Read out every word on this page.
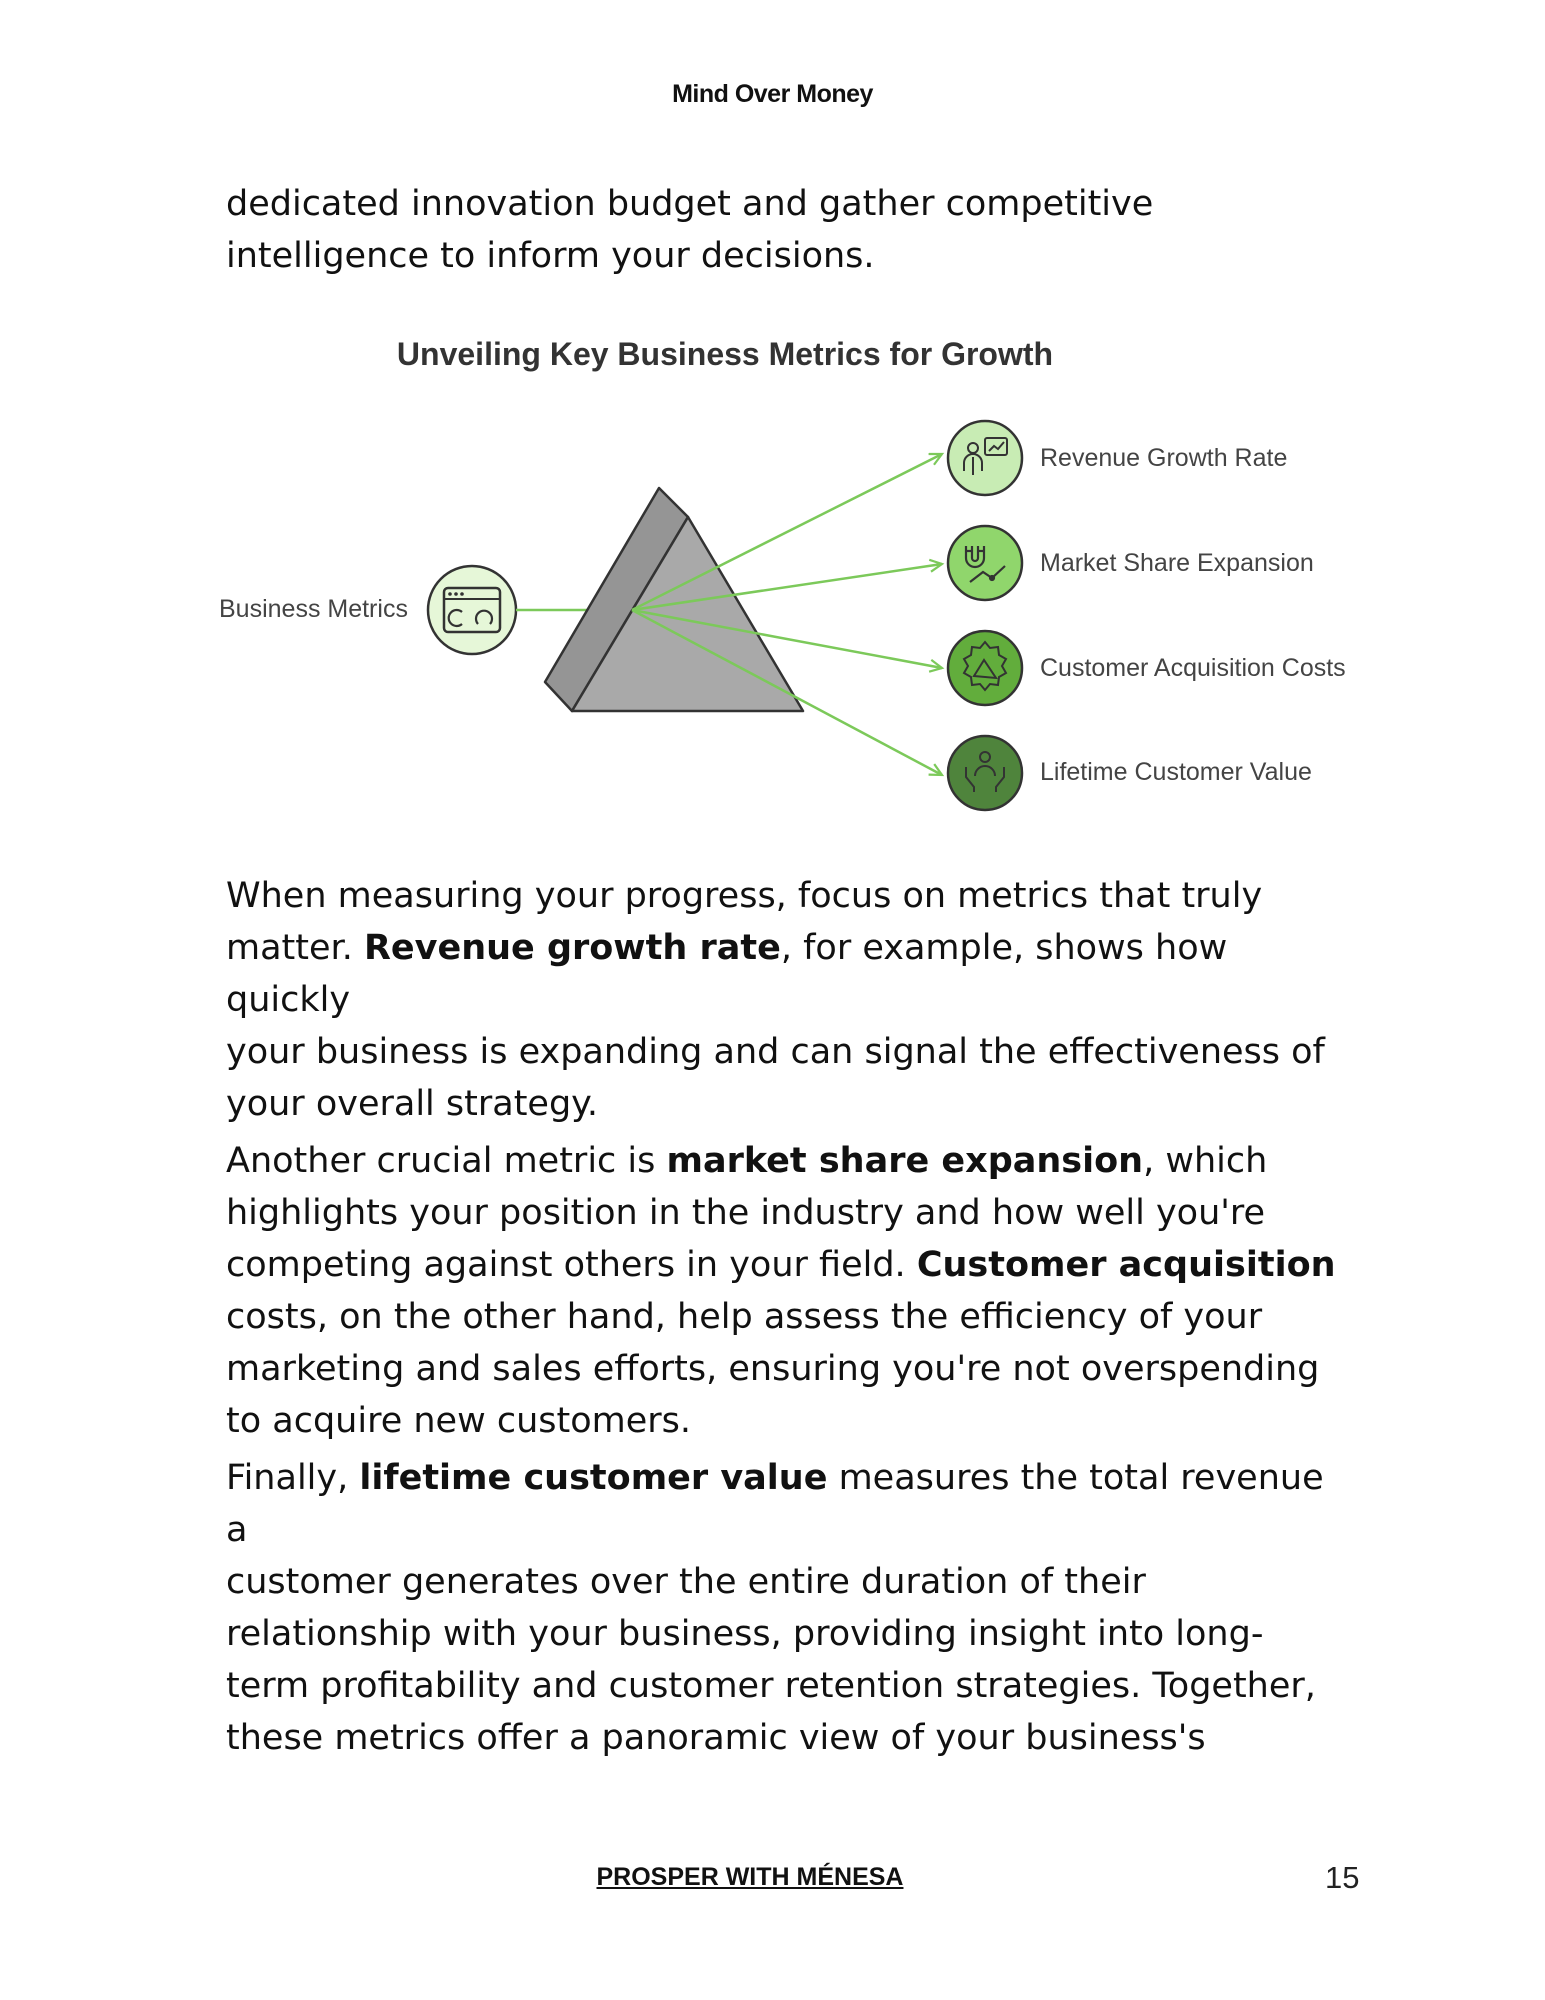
Mind Over Money

dedicated innovation budget and gather competitive

intelligence to inform your decisions.

Unveiling Key Business Metrics for Growth
Business Metrics
Revenue Growth Rate
Market Share Expansion
Customer Acquisition Costs
Lifetime Customer Value

When measuring your progress, focus on metrics that truly

matter. Revenue growth rate, for example, shows how quickly

your business is expanding and can signal the effectiveness of

your overall strategy.

Another crucial metric is market share expansion, which

highlights your position in the industry and how well you're

competing against others in your field. Customer acquisition

costs, on the other hand, help assess the efficiency of your

marketing and sales efforts, ensuring you're not overspending

to acquire new customers.

Finally, lifetime customer value measures the total revenue a

customer generates over the entire duration of their

relationship with your business, providing insight into long-

term profitability and customer retention strategies. Together,

these metrics offer a panoramic view of your business's

PROSPER WITH MÉNESA	15
